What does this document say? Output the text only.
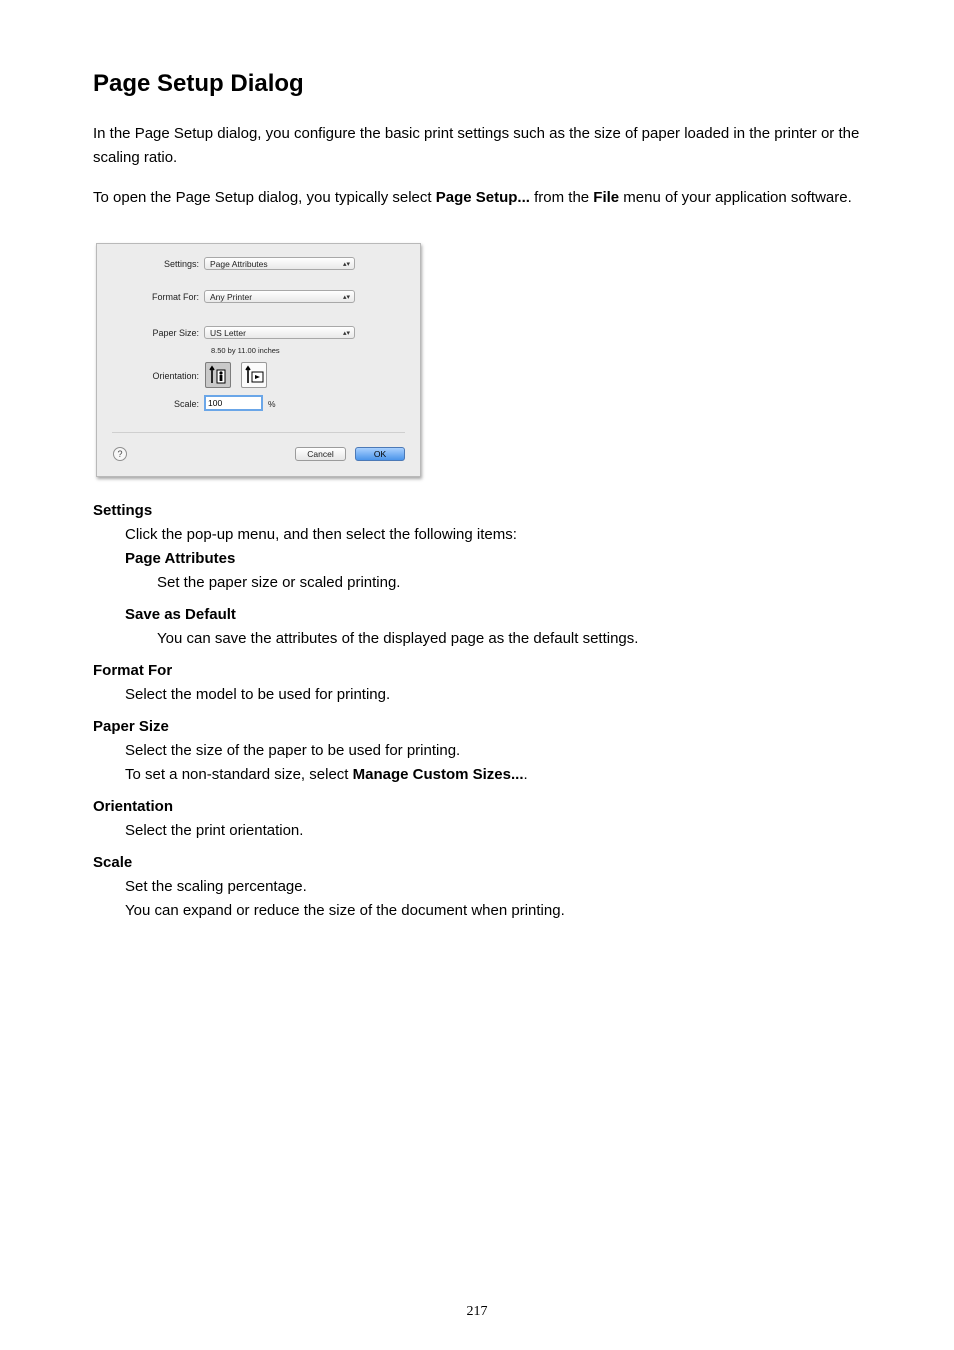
Page Setup Dialog

In the Page Setup dialog, you configure the basic print settings such as the size of paper loaded in the printer or the scaling ratio.

To open the Page Setup dialog, you typically select Page Setup... from the File menu of your application software.

Settings:	Page Attributes	▴▾
Format For:	Any Printer	▴▾
Paper Size:	US Letter	▴▾
8.50 by 11.00 inches
Orientation:
Scale:	100	%
?	Cancel	OK

Settings

Click the pop-up menu, and then select the following items:

Page Attributes

Set the paper size or scaled printing.

Save as Default

You can save the attributes of the displayed page as the default settings.

Format For

Select the model to be used for printing.

Paper Size

Select the size of the paper to be used for printing.

To set a non-standard size, select Manage Custom Sizes....

Orientation

Select the print orientation.

Scale

Set the scaling percentage.

You can expand or reduce the size of the document when printing.

217
